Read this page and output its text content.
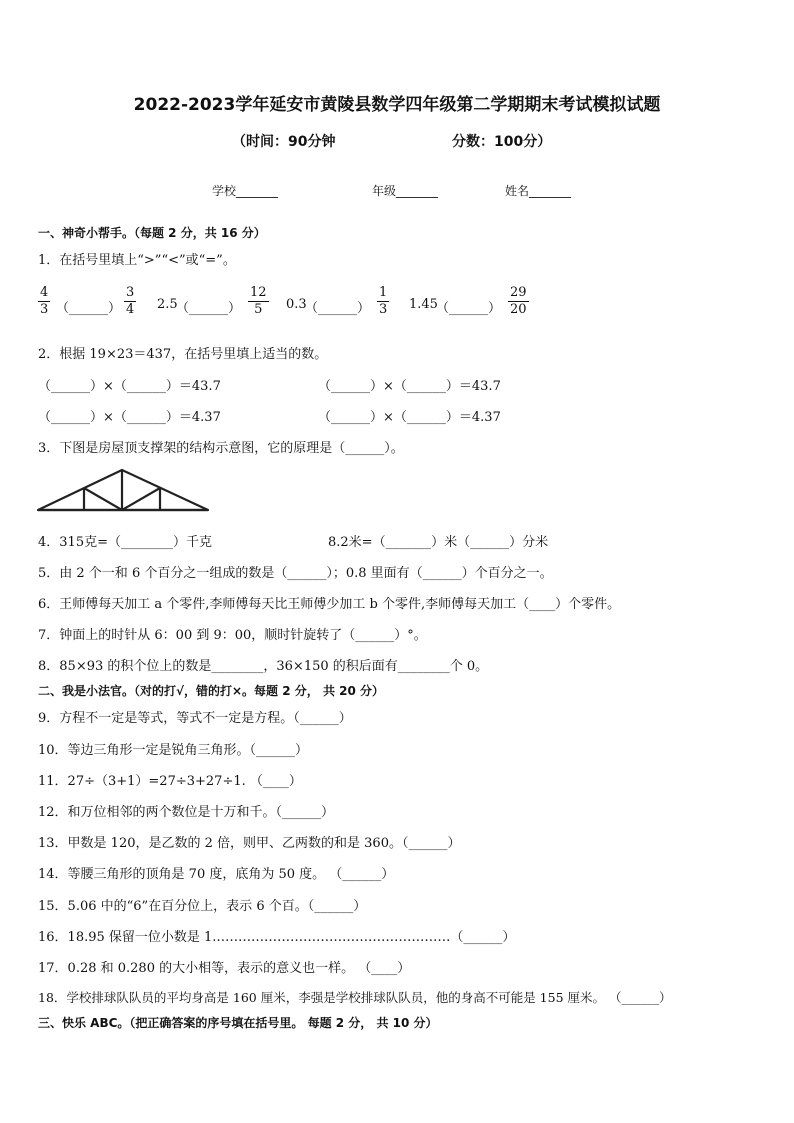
2022-2023学年延安市黄陵县数学四年级第二学期期末考试模拟试题
（时间：90分钟	分数：100分）
学校_______	年级_______	姓名_______
一、神奇小帮手。（每题 2 分，共 16 分）
1．在括号里填上“>”“<”或“=”。
4
3 （______）
3
4 2.5
（______）
12
5 0.3
（______）
1
3 1.45
（______）
29
20
2．根据 19×23＝437，在括号里填上适当的数。
（______）×（______）＝43.7	（______）×（______）＝43.7
（______）×（______）＝4.37	（______）×（______）＝4.37
3．下图是房屋顶支撑架的结构示意图，它的原理是（______）。
4．315克=（________）千克	8.2米=（_______）米（______）分米
5．由 2 个一和 6 个百分之一组成的数是（______）；0.8 里面有（______）个百分之一。
6．王师傅每天加工 a 个零件,李师傅每天比王师傅少加工 b 个零件,李师傅每天加工（____）个零件。
7．钟面上的时针从 6：00 到 9：00，顺时针旋转了（______）°。
8．85×93 的积个位上的数是________，36×150 的积后面有________个 0。
二、我是小法官。（对的打√，错的打×。每题 2 分， 共 20 分）
9．方程不一定是等式，等式不一定是方程。（______）
10．等边三角形一定是锐角三角形。（______）
11．27÷（3+1）=27÷3+27÷1. （____）
12．和万位相邻的两个数位是十万和千。（______）
13．甲数是 120，是乙数的 2 倍，则甲、乙两数的和是 360。（______）
14．等腰三角形的顶角是 70 度，底角为 50 度。 （______）
15．5.06 中的“6”在百分位上，表示 6 个百。（______）
16．18.95 保留一位小数是 1.………………………………………………（______）
17．0.28 和 0.280 的大小相等，表示的意义也一样。 （____）
18．学校排球队队员的平均身高是 160 厘米，李强是学校排球队队员，他的身高不可能是 155 厘米。 （______）
三、快乐 ABC。（把正确答案的序号填在括号里。 每题 2 分， 共 10 分）
